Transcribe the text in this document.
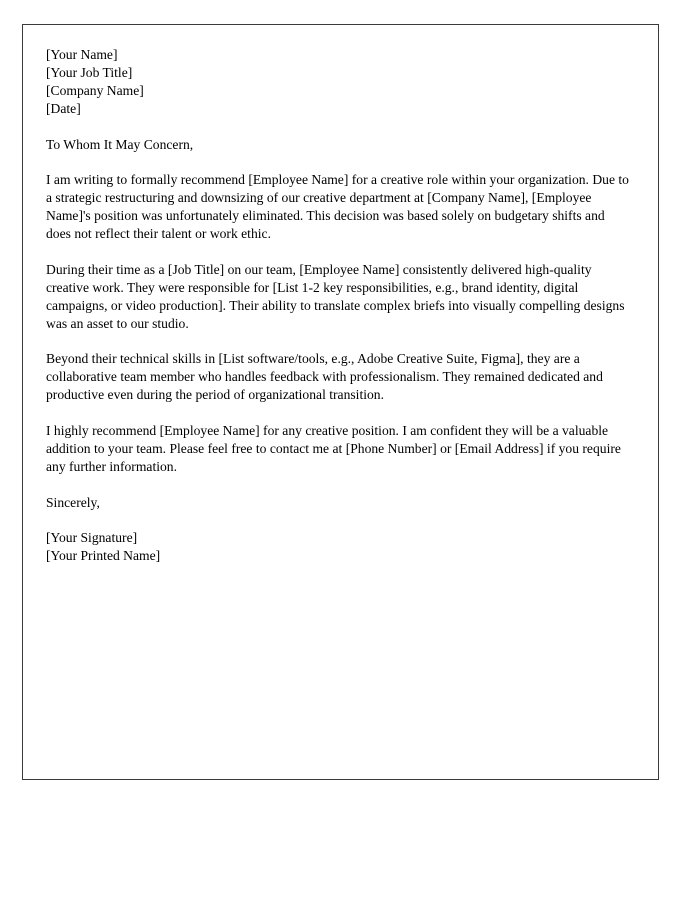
[Your Name]
[Your Job Title]
[Company Name]
[Date]
To Whom It May Concern,

I am writing to formally recommend [Employee Name] for a creative role within your organization. Due to a strategic restructuring and downsizing of our creative department at [Company Name], [Employee Name]'s position was unfortunately eliminated. This decision was based solely on budgetary shifts and does not reflect their talent or work ethic.

During their time as a [Job Title] on our team, [Employee Name] consistently delivered high-quality creative work. They were responsible for [List 1-2 key responsibilities, e.g., brand identity, digital campaigns, or video production]. Their ability to translate complex briefs into visually compelling designs was an asset to our studio.

Beyond their technical skills in [List software/tools, e.g., Adobe Creative Suite, Figma], they are a collaborative team member who handles feedback with professionalism. They remained dedicated and productive even during the period of organizational transition.

I highly recommend [Employee Name] for any creative position. I am confident they will be a valuable addition to your team. Please feel free to contact me at [Phone Number] or [Email Address] if you require any further information.

Sincerely,
[Your Signature]
[Your Printed Name]
